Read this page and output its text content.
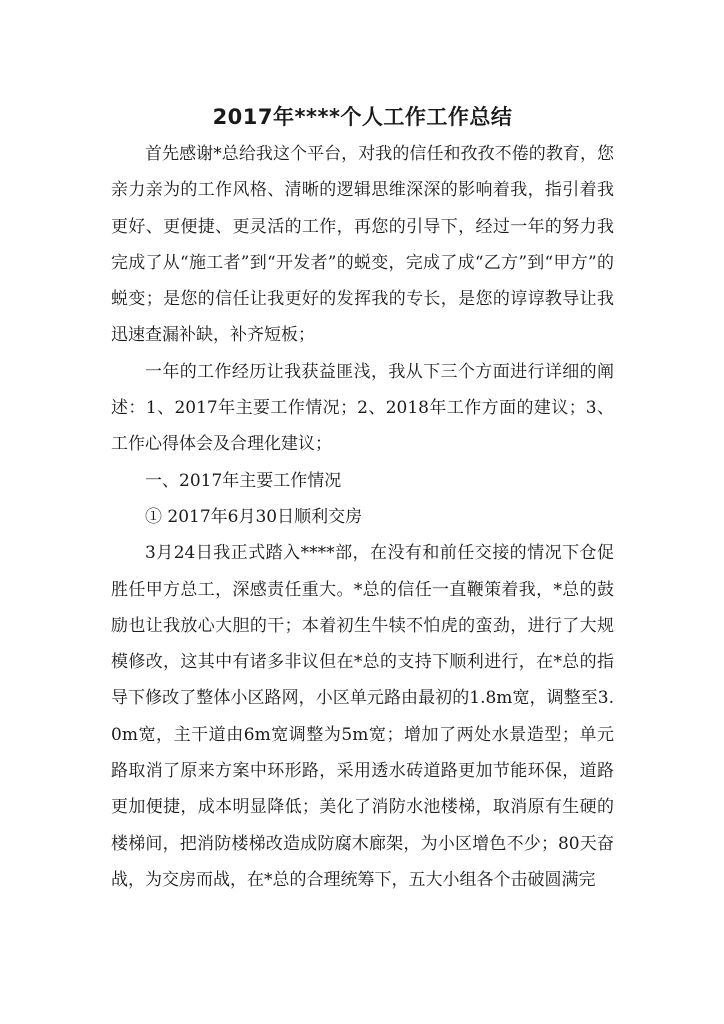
2017年****个人工作工作总结

首先感谢*总给我这个平台，对我的信任和孜孜不倦的教育，您亲力亲为的工作风格、清晰的逻辑思维深深的影响着我，指引着我更好、更便捷、更灵活的工作，再您的引导下，经过一年的努力我完成了从“施工者”到“开发者”的蜕变，完成了成“乙方”到“甲方”的蜕变；是您的信任让我更好的发挥我的专长，是您的谆谆教导让我迅速查漏补缺，补齐短板；

一年的工作经历让我获益匪浅，我从下三个方面进行详细的阐述：1、2017年主要工作情况；2、2018年工作方面的建议；3、工作心得体会及合理化建议；

一、2017年主要工作情况

① 2017年6月30日顺利交房

3月24日我正式踏入****部，在没有和前任交接的情况下仓促胜任甲方总工，深感责任重大。*总的信任一直鞭策着我，*总的鼓励也让我放心大胆的干；本着初生牛犊不怕虎的蛮劲，进行了大规模修改，这其中有诸多非议但在*总的支持下顺利进行，在*总的指导下修改了整体小区路网，小区单元路由最初的1.8m宽，调整至3.0m宽，主干道由6m宽调整为5m宽；增加了两处水景造型；单元路取消了原来方案中环形路，采用透水砖道路更加节能环保，道路更加便捷，成本明显降低；美化了消防水池楼梯，取消原有生硬的楼梯间，把消防楼梯改造成防腐木廊架，为小区增色不少；80天奋战，为交房而战，在*总的合理统筹下，五大小组各个击破圆满完
